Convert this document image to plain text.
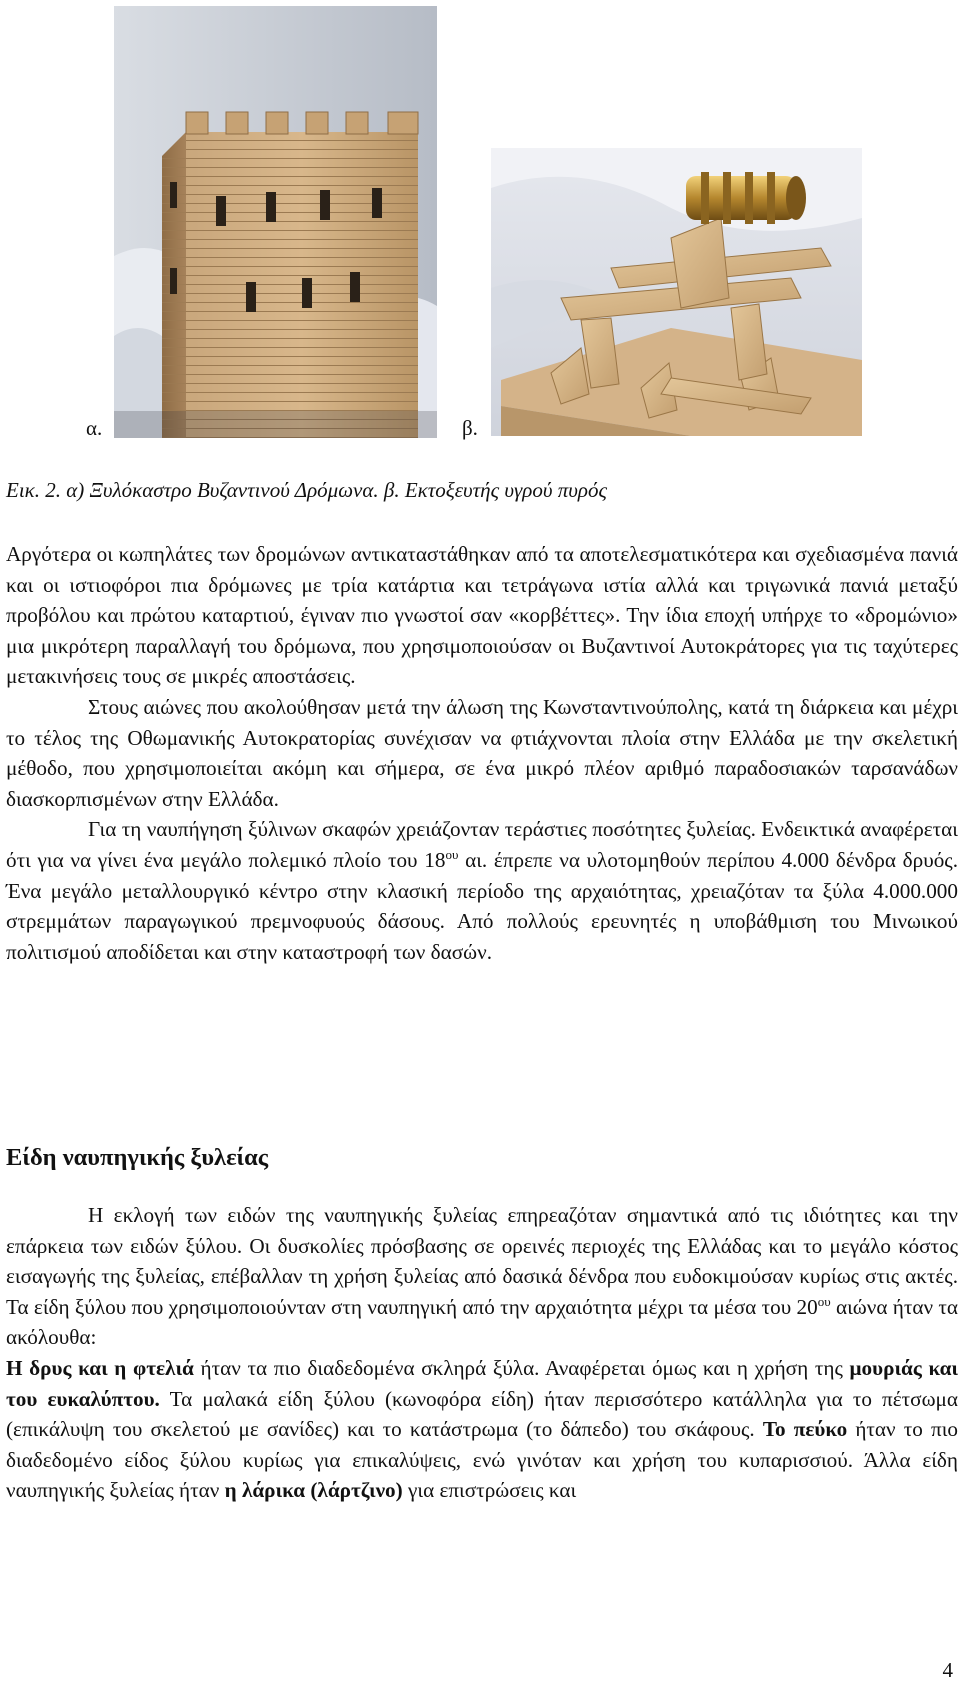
α.	β.
Εικ. 2. α) Ξυλόκαστρο Βυζαντινού Δρόμωνα. β. Εκτοξευτής υγρού πυρός

Αργότερα οι κωπηλάτες των δρομώνων αντικαταστάθηκαν από τα αποτελεσματικότερα και σχεδιασμένα πανιά και οι ιστιοφόροι πια δρόμωνες με τρία κατάρτια και τετράγωνα ιστία αλλά και τριγωνικά πανιά μεταξύ προβόλου και πρώτου καταρτιού, έγιναν πιο γνωστοί σαν «κορβέττες». Την ίδια εποχή υπήρχε το «δρομώνιο» μια μικρότερη παραλλαγή του δρόμωνα, που χρησιμοποιούσαν οι Βυζαντινοί Αυτοκράτορες για τις ταχύτερες μετακινήσεις τους σε μικρές αποστάσεις.

Στους αιώνες που ακολούθησαν μετά την άλωση της Κωνσταντινούπολης, κατά τη διάρκεια και μέχρι το τέλος της Οθωμανικής Αυτοκρατορίας συνέχισαν να φτιάχνονται πλοία στην Ελλάδα με την σκελετική μέθοδο, που χρησιμοποιείται ακόμη και σήμερα, σε ένα μικρό πλέον αριθμό παραδοσιακών ταρσανάδων διασκορπισμένων στην Ελλάδα.

Για τη ναυπήγηση ξύλινων σκαφών χρειάζονταν τεράστιες ποσότητες ξυλείας. Ενδεικτικά αναφέρεται ότι για να γίνει ένα μεγάλο πολεμικό πλοίο του $18^{o\upsilon}$ αι. έπρεπε να υλοτομηθούν περίπου 4.000 δένδρα δρυός. Ένα μεγάλο μεταλλουργικό κέντρο στην κλασική περίοδο της αρχαιότητας, χρειαζόταν τα ξύλα 4.000.000 στρεμμάτων παραγωγικού πρεμνοφυούς δάσους. Από πολλούς ερευνητές η υποβάθμιση του Μινωικού πολιτισμού αποδίδεται και στην καταστροφή των δασών.

Είδη ναυπηγικής ξυλείας

Η εκλογή των ειδών της ναυπηγικής ξυλείας επηρεαζόταν σημαντικά από τις ιδιότητες και την επάρκεια των ειδών ξύλου. Οι δυσκολίες πρόσβασης σε ορεινές περιοχές της Ελλάδας και το μεγάλο κόστος εισαγωγής της ξυλείας, επέβαλλαν τη χρήση ξυλείας από δασικά δένδρα που ευδοκιμούσαν κυρίως στις ακτές. Τα είδη ξύλου που χρησιμοποιούνταν στη ναυπηγική από την αρχαιότητα μέχρι τα μέσα του $20^{o\upsilon}$ αιώνα ήταν τα ακόλουθα:

Η δρυς και η φτελιά ήταν τα πιο διαδεδομένα σκληρά ξύλα. Αναφέρεται όμως και η χρήση της μουριάς και του ευκαλύπτου. Τα μαλακά είδη ξύλου (κωνοφόρα είδη) ήταν περισσότερο κατάλληλα για το πέτσωμα (επικάλυψη του σκελετού με σανίδες) και το κατάστρωμα (το δάπεδο) του σκάφους. Το πεύκο ήταν το πιο διαδεδομένο είδος ξύλου κυρίως για επικαλύψεις, ενώ γινόταν και χρήση του κυπαρισσιού. Άλλα είδη ναυπηγικής ξυλείας ήταν η λάρικα (λάρτζινο) για επιστρώσεις και

4
